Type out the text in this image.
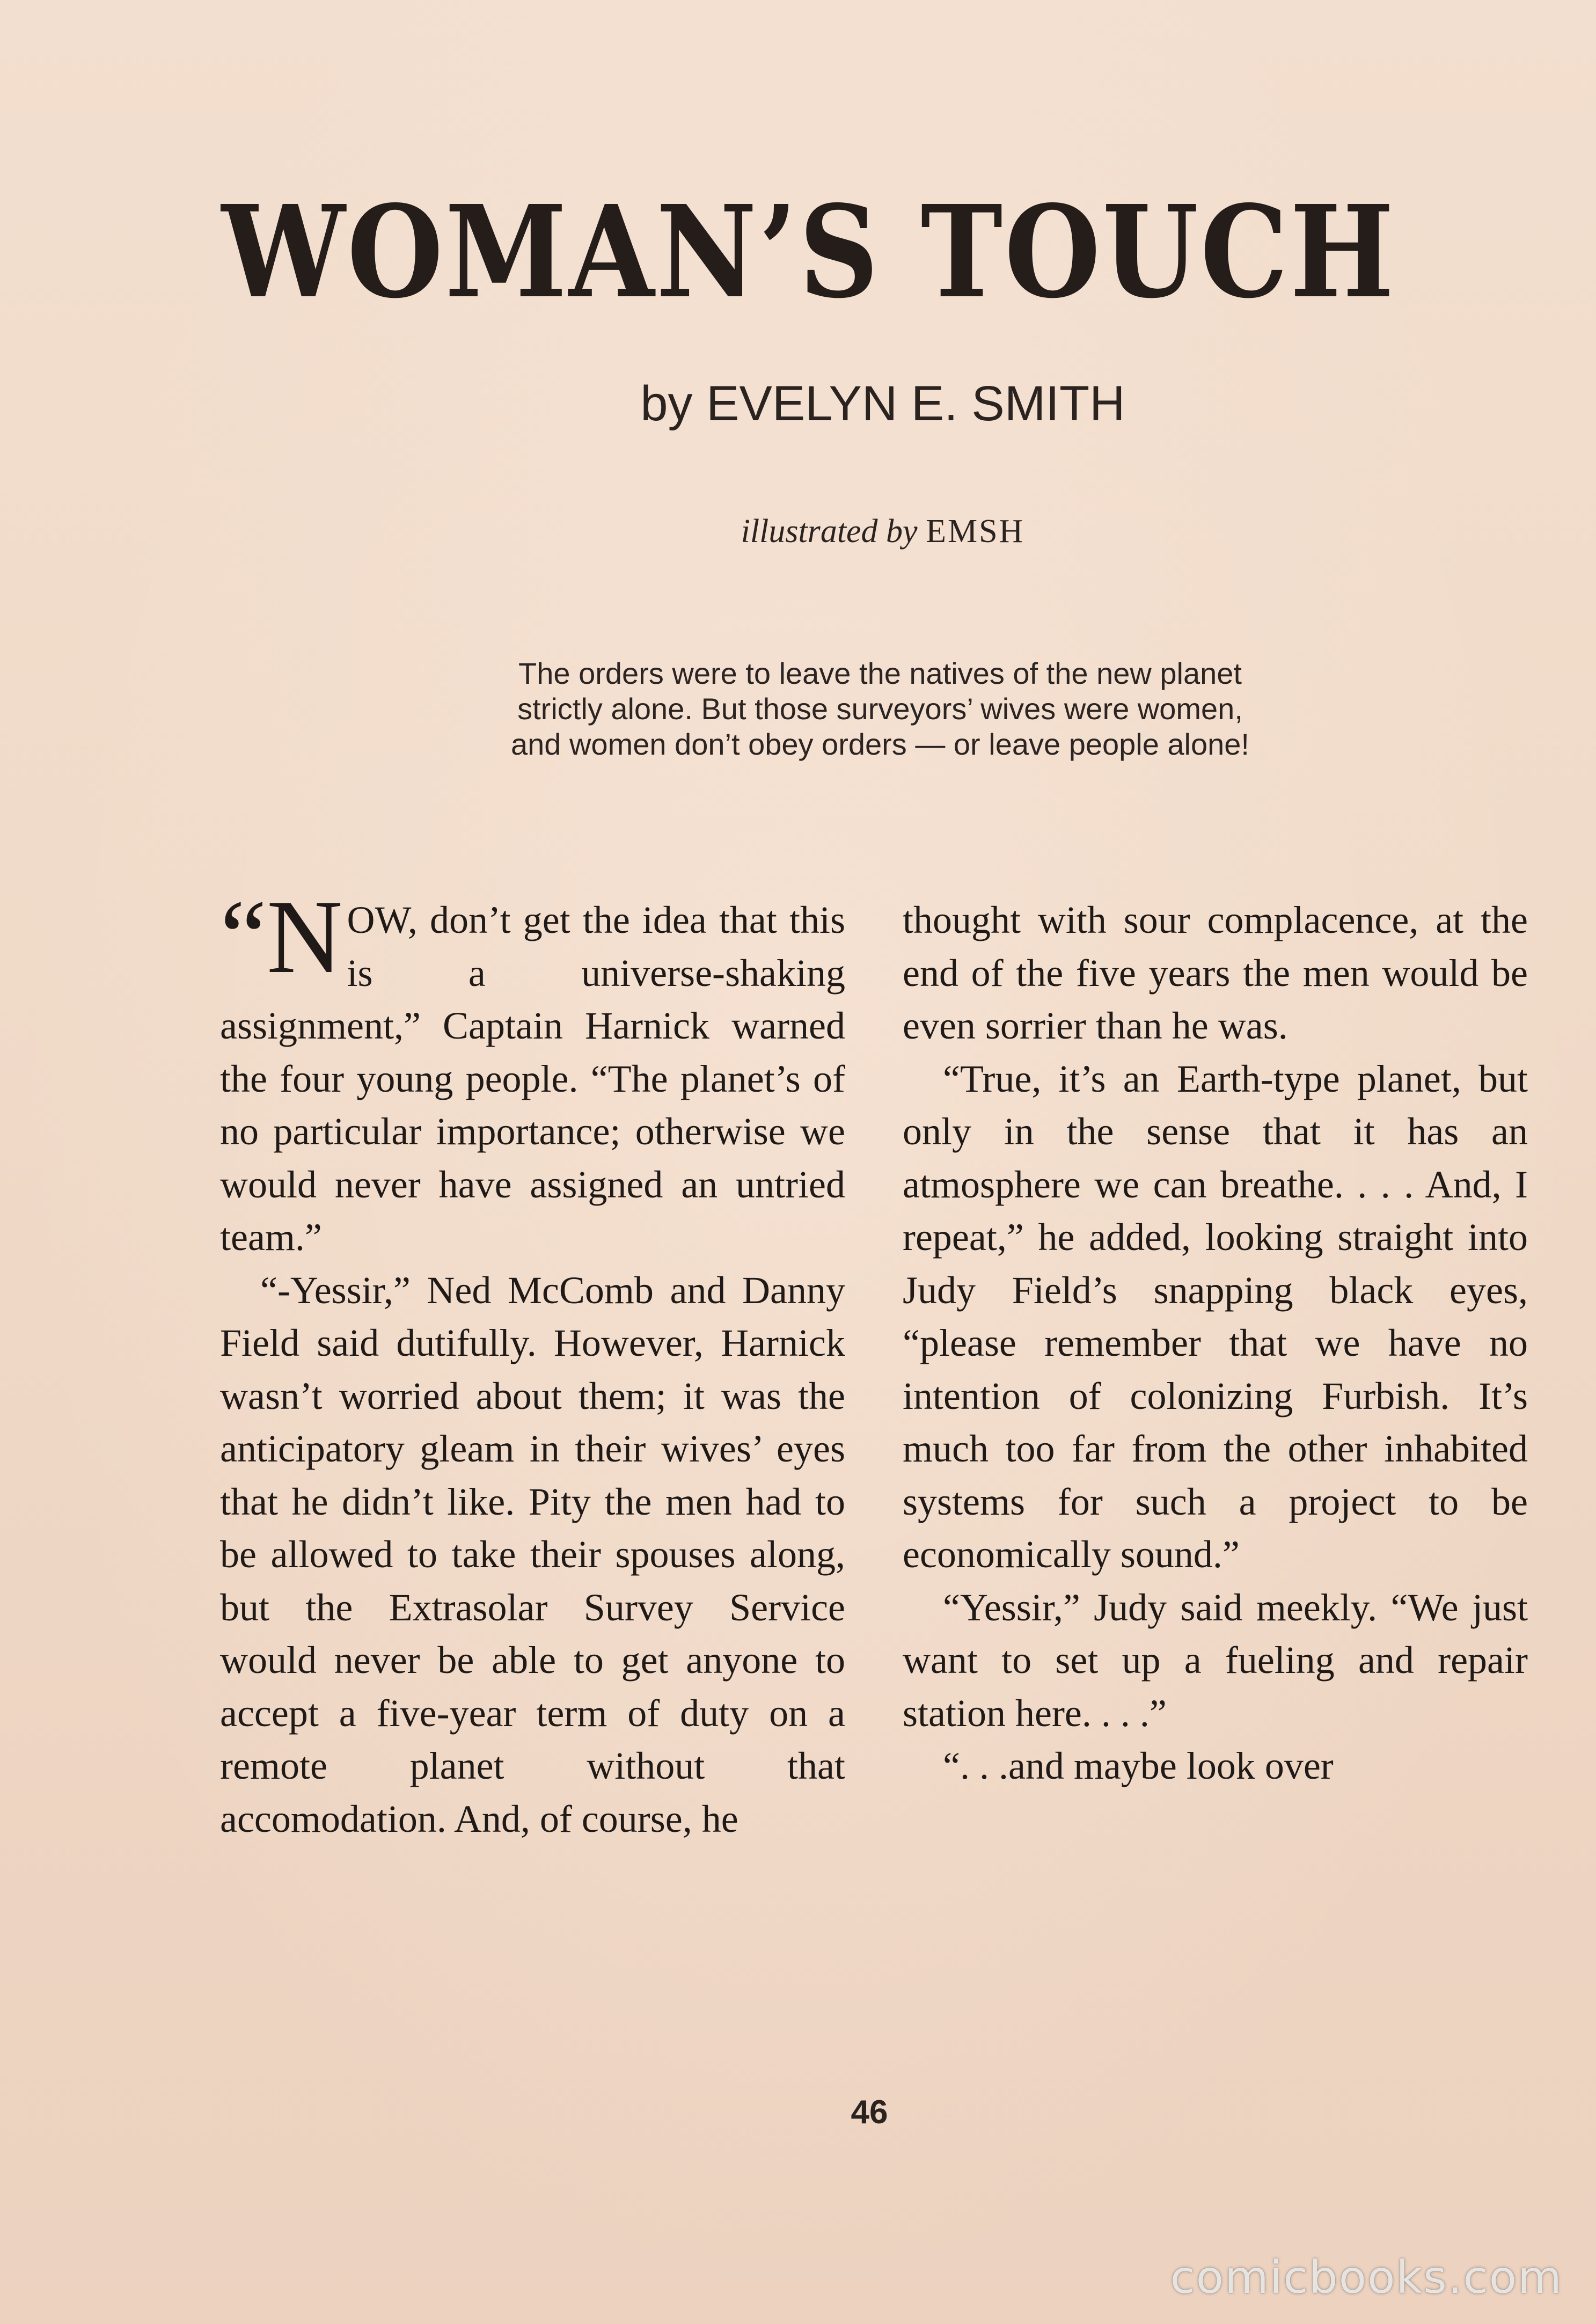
WOMAN’S TOUCH
by EVELYN E. SMITH
illustrated by EMSH
The orders were to leave the natives of the new planet
strictly alone. But those surveyors’ wives were women,
and women don’t obey orders — or leave people alone!

“N OW, don’t get the idea that this is a universe-shaking assignment,” Captain Harnick warned the four young people. “The planet’s of no particular importance; otherwise we would never have assigned an untried team.”

“-Yessir,” Ned McComb and Danny Field said dutifully. However, Harnick wasn’t worried about them; it was the anticipatory gleam in their wives’ eyes that he didn’t like. Pity the men had to be allowed to take their spouses along, but the Extrasolar Survey Service would never be able to get anyone to accept a five-year term of duty on a remote planet without that accomodation. And, of course, he

thought with sour complacence, at the end of the five years the men would be even sorrier than he was.

“True, it’s an Earth-type planet, but only in the sense that it has an atmosphere we can breathe. . . . And, I repeat,” he added, looking straight into Judy Field’s snapping black eyes, “please remember that we have no intention of colonizing Furbish. It’s much too far from the other inhabited systems for such a project to be economically sound.”

“Yessir,” Judy said meekly. “We just want to set up a fueling and repair station here. . . .”

“. . .and maybe look over

46
comicbooks.com
